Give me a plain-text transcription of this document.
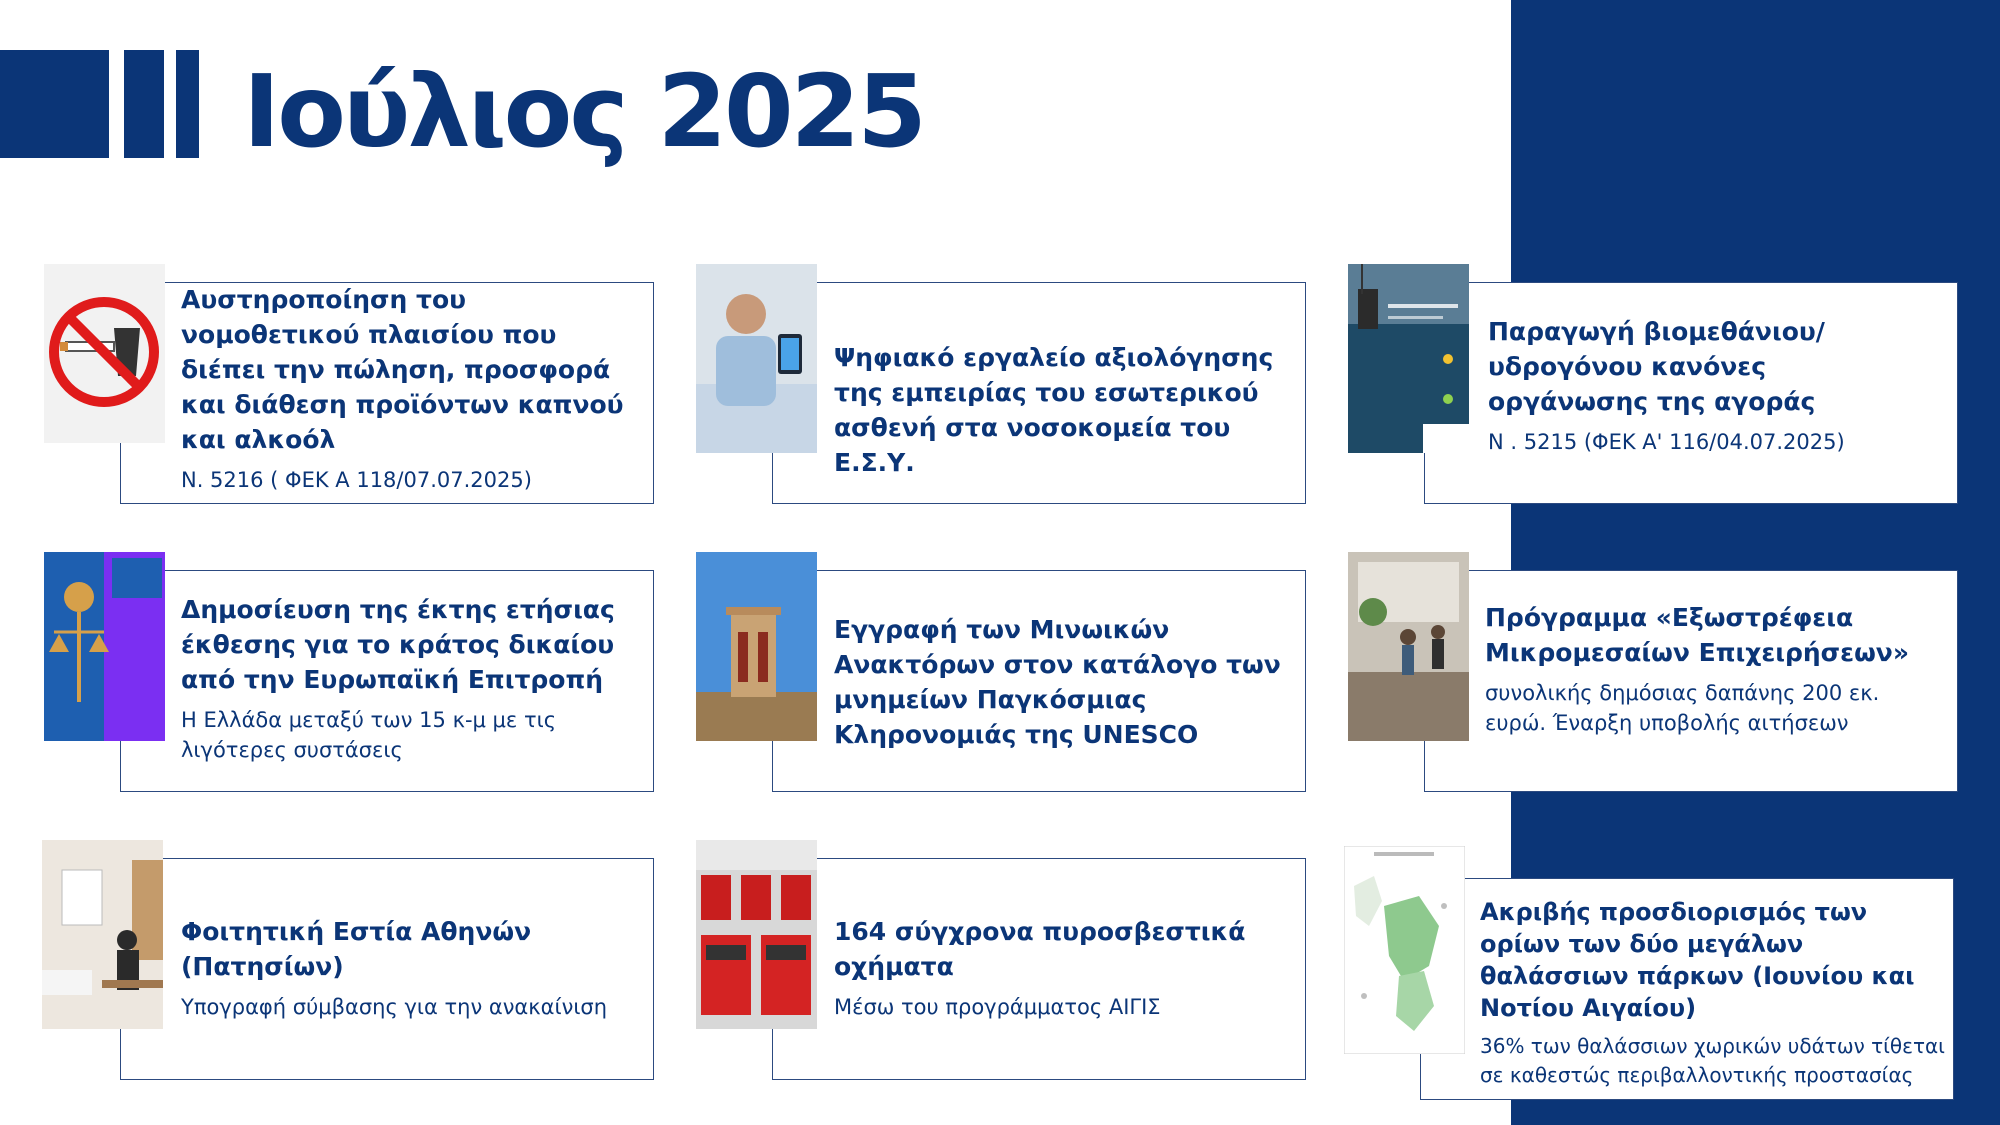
Ιούλιος 2025
Αυστηροποίηση του νομοθετικού πλαισίου που διέπει την πώληση, προσφορά και διάθεση προϊόντων καπνού και αλκοόλ

Ν. 5216 ( ΦΕΚ Α 118/07.07.2025)

Ψηφιακό εργαλείο αξιολόγησης της εμπειρίας του εσωτερικού ασθενή στα νοσοκομεία του Ε.Σ.Υ.
Παραγωγή βιομεθάνιου/ υδρογόνου κανόνες οργάνωσης της αγοράς

Ν . 5215 (ΦΕΚ Α' 116/04.07.2025)

Δημοσίευση της έκτης ετήσιας έκθεσης για το κράτος δικαίου από την Ευρωπαϊκή Επιτροπή

Η Ελλάδα μεταξύ των 15 κ-μ με τις λιγότερες συστάσεις

Εγγραφή των Μινωικών Ανακτόρων στον κατάλογο των μνημείων Παγκόσμιας Κληρονομιάς της UNESCO
Πρόγραμμα «Εξωστρέφεια Μικρομεσαίων Επιχειρήσεων»

συνολικής δημόσιας δαπάνης 200 εκ. ευρώ. Έναρξη υποβολής αιτήσεων

Φοιτητική Εστία Αθηνών (Πατησίων)

Υπογραφή σύμβασης για την ανακαίνιση

164 σύγχρονα πυροσβεστικά οχήματα

Μέσω του προγράμματος ΑΙΓΙΣ

Ακριβής προσδιορισμός των ορίων των δύο μεγάλων θαλάσσιων πάρκων (Ιουνίου και Νοτίου Αιγαίου)

36% των θαλάσσιων χωρικών υδάτων τίθεται σε καθεστώς περιβαλλοντικής προστασίας
